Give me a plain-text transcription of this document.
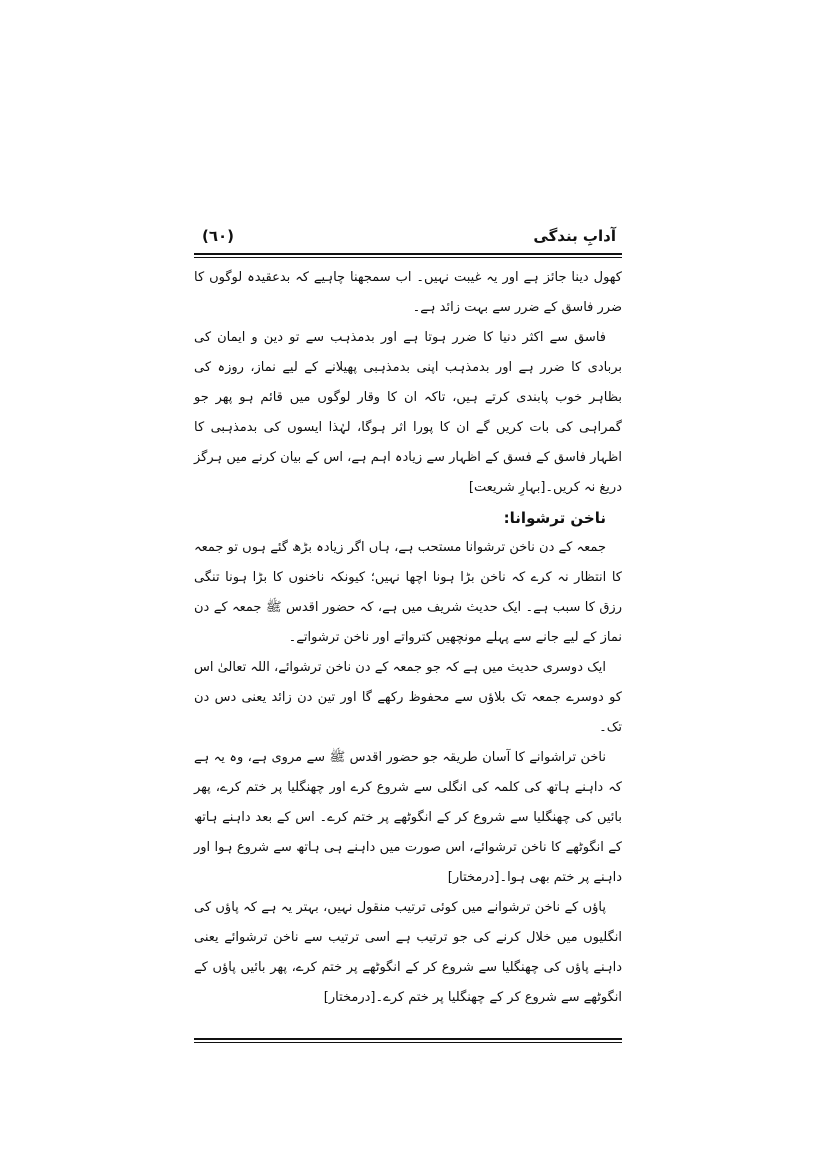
آدابِ بندگی
(٦٠)

کھول دینا جائز ہے اور یہ غیبت نہیں۔ اب سمجھنا چاہیے کہ بدعقیدہ لوگوں کا ضرر فاسق کے ضرر سے بہت زائد ہے۔

فاسق سے اکثر دنیا کا ضرر ہوتا ہے اور بدمذہب سے تو دین و ایمان کی بربادی کا ضرر ہے اور بدمذہب اپنی بدمذہبی پھیلانے کے لیے نماز، روزہ کی بظاہر خوب پابندی کرتے ہیں، تاکہ ان کا وقار لوگوں میں قائم ہو پھر جو گمراہی کی بات کریں گے ان کا پورا اثر ہوگا، لہٰذا ایسوں کی بدمذہبی کا اظہار فاسق کے فسق کے اظہار سے زیادہ اہم ہے، اس کے بیان کرنے میں ہرگز دریغ نہ کریں۔[بہارِ شریعت]

ناخن ترشوانا:

جمعہ کے دن ناخن ترشوانا مستحب ہے، ہاں اگر زیادہ بڑھ گئے ہوں تو جمعہ کا انتظار نہ کرے کہ ناخن بڑا ہونا اچھا نہیں؛ کیونکہ ناخنوں کا بڑا ہونا تنگی رزق کا سبب ہے۔ ایک حدیث شریف میں ہے، کہ حضور اقدس ﷺ جمعہ کے دن نماز کے لیے جانے سے پہلے مونچھیں کترواتے اور ناخن ترشواتے۔

ایک دوسری حدیث میں ہے کہ جو جمعہ کے دن ناخن ترشوائے، اللہ تعالیٰ اس کو دوسرے جمعہ تک بلاؤں سے محفوظ رکھے گا اور تین دن زائد یعنی دس دن تک۔

ناخن تراشوانے کا آسان طریقہ جو حضور اقدس ﷺ سے مروی ہے، وہ یہ ہے کہ داہنے ہاتھ کی کلمہ کی انگلی سے شروع کرے اور چھنگلیا پر ختم کرے، پھر بائیں کی چھنگلیا سے شروع کر کے انگوٹھے پر ختم کرے۔ اس کے بعد داہنے ہاتھ کے انگوٹھے کا ناخن ترشوائے، اس صورت میں داہنے ہی ہاتھ سے شروع ہوا اور داہنے پر ختم بھی ہوا۔[درمختار]

پاؤں کے ناخن ترشوانے میں کوئی ترتیب منقول نہیں، بہتر یہ ہے کہ پاؤں کی انگلیوں میں خلال کرنے کی جو ترتیب ہے اسی ترتیب سے ناخن ترشوائے یعنی داہنے پاؤں کی چھنگلیا سے شروع کر کے انگوٹھے پر ختم کرے، پھر بائیں پاؤں کے انگوٹھے سے شروع کر کے چھنگلیا پر ختم کرے۔[درمختار]
